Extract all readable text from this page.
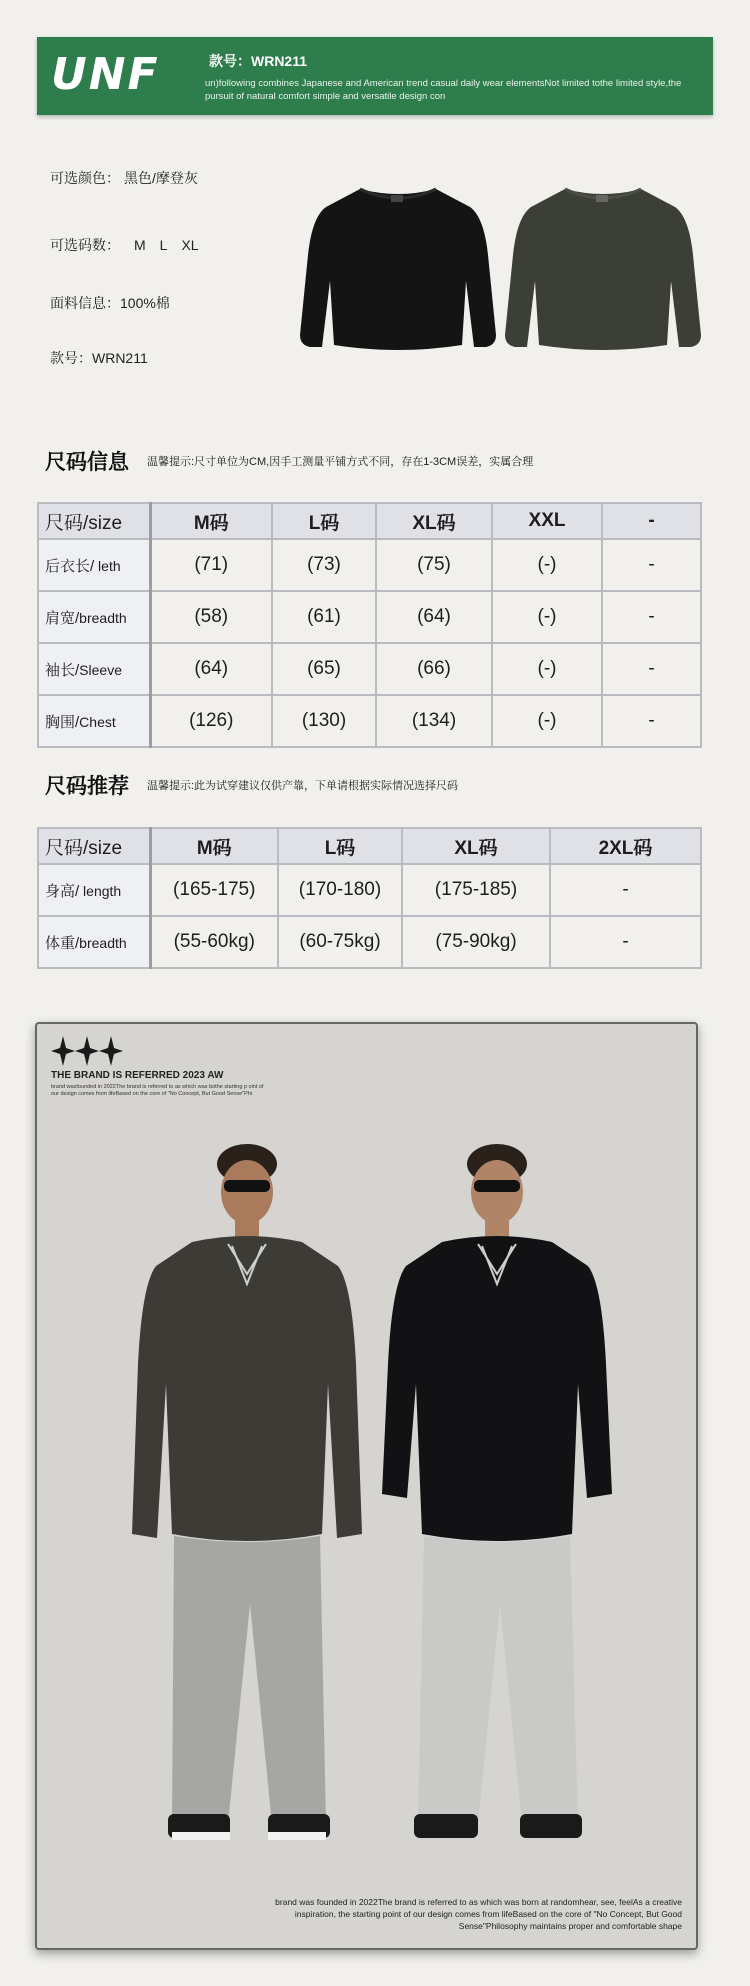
UNF	款号：WRN211
un)following combines Japanese and American trend casual daily wear elementsNot limited tothe limited style,the pursuit of natural comfort simple and versatile design con
可选颜色： 黑色/摩登灰
可选码数： M L XL
面料信息：100%棉
款号：WRN211
尺码信息 温馨提示:尺寸单位为CM,因手工测量平铺方式不同，存在1-3CM误差，实属合理
尺码/size	M码	L码	XL码	XXL	-
后衣长/ leth	(71)	(73)	(75)	(-)	-
肩宽/breadth	(58)	(61)	(64)	(-)	-
袖长/Sleeve	(64)	(65)	(66)	(-)	-
胸围/Chest	(126)	(130)	(134)	(-)	-
尺码推荐 温馨提示:此为试穿建议仅供产靠，下单请根据实际情况选择尺码
尺码/size	M码	L码	XL码	2XL码
身高/ length	(165-175)	(170-180)	(175-185)	-
体重/breadth	(55-60kg)	(60-75kg)	(75-90kg)	-
THE BRAND IS REFERRED 2023 AW
brand wasfounded in 2022The brand is referred to as which was bothe starting p oint of our design comes from lifeBased on the core of "No Concept, But Good Sense"Phi
brand was founded in 2022The brand is referred to as which was born at randomhear, see, feelAs a creative inspiration, the starting point of our design comes from lifeBased on the core of "No Concept, But Good Sense"Philosophy maintains proper and comfortable shape
